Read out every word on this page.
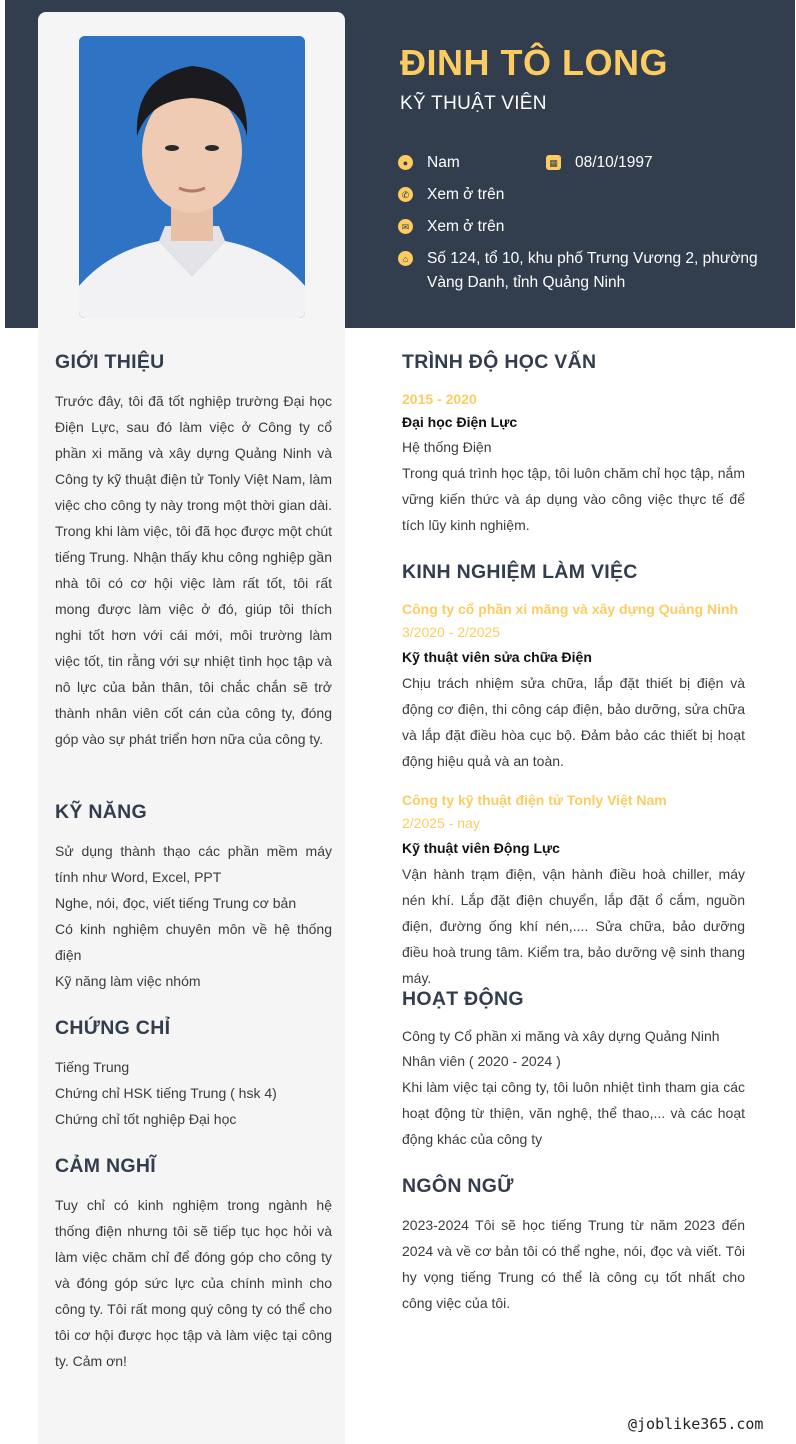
ĐINH TÔ LONG
KỸ THUẬT VIÊN
●	Nam	▦ 08/10/1997
✆ Xem ở trên
✉ Xem ở trên
⌂	Số 124, tổ 10, khu phố Trưng Vương 2, phường
Vàng Danh, tỉnh Quảng Ninh
GIỚI THIỆU
Trước đây, tôi đã tốt nghiệp trường Đại học Điện Lực, sau đó làm việc ở Công ty cổ phần xi măng và xây dựng Quảng Ninh và Công ty kỹ thuật điện tử Tonly Việt Nam, làm việc cho công ty này trong một thời gian dài. Trong khi làm việc, tôi đã học được một chút tiếng Trung. Nhận thấy khu công nghiệp gần nhà tôi có cơ hội việc làm rất tốt, tôi rất mong được làm việc ở đó, giúp tôi thích nghi tốt hơn với cái mới, môi trường làm việc tốt, tin rằng với sự nhiệt tình học tập và nô lực của bản thân, tôi chắc chắn sẽ trở thành nhân viên cốt cán của công ty, đóng góp vào sự phát triển hơn nữa của công ty.
KỸ NĂNG
Sử dụng thành thạo các phần mềm máy tính như Word, Excel, PPT
Nghe, nói, đọc, viết tiếng Trung cơ bản
Có kinh nghiệm chuyên môn về hệ thống điện
Kỹ năng làm việc nhóm
CHỨNG CHỈ
Tiếng Trung
Chứng chỉ HSK tiếng Trung ( hsk 4)
Chứng chỉ tốt nghiệp Đại học
CẢM NGHĨ
Tuy chỉ có kinh nghiệm trong ngành hệ thống điện nhưng tôi sẽ tiếp tục học hỏi và làm việc chăm chỉ để đóng góp cho công ty và đóng góp sức lực của chính mình cho công ty. Tôi rất mong quý công ty có thể cho tôi cơ hội được học tập và làm việc tại công ty. Cảm ơn!
TRÌNH ĐỘ HỌC VẤN
2015 - 2020
Đại học Điện Lực
Hệ thống Điện
Trong quá trình học tập, tôi luôn chăm chỉ học tập, nắm vững kiến thức và áp dụng vào công việc thực tế để tích lũy kinh nghiệm.
KINH NGHIỆM LÀM VIỆC
Công ty cổ phần xi măng và xây dựng Quảng Ninh
3/2020 - 2/2025
Kỹ thuật viên sửa chữa Điện
Chịu trách nhiệm sửa chữa, lắp đặt thiết bị điện và động cơ điện, thi công cáp điện, bảo dưỡng, sửa chữa và lắp đặt điều hòa cục bộ. Đảm bảo các thiết bị hoạt động hiệu quả và an toàn.
Công ty kỹ thuật điện tử Tonly Việt Nam
2/2025 - nay
Kỹ thuật viên Động Lực
Vận hành trạm điện, vận hành điều hoà chiller, máy nén khí. Lắp đặt điện chuyển, lắp đặt ổ cắm, nguồn điện, đường ống khí nén,.... Sửa chữa, bảo dưỡng điều hoà trung tâm. Kiểm tra, bảo dưỡng vệ sinh thang máy.
HOẠT ĐỘNG
Công ty Cổ phần xi măng và xây dựng Quảng Ninh
Nhân viên ( 2020 - 2024 )
Khi làm việc tại công ty, tôi luôn nhiệt tình tham gia các hoạt động từ thiện, văn nghệ, thể thao,... và các hoạt động khác của công ty
NGÔN NGỮ
2023-2024 Tôi sẽ học tiếng Trung từ năm 2023 đến 2024 và về cơ bản tôi có thể nghe, nói, đọc và viết. Tôi hy vọng tiếng Trung có thể là công cụ tốt nhất cho công việc của tôi.
@joblike365.com
